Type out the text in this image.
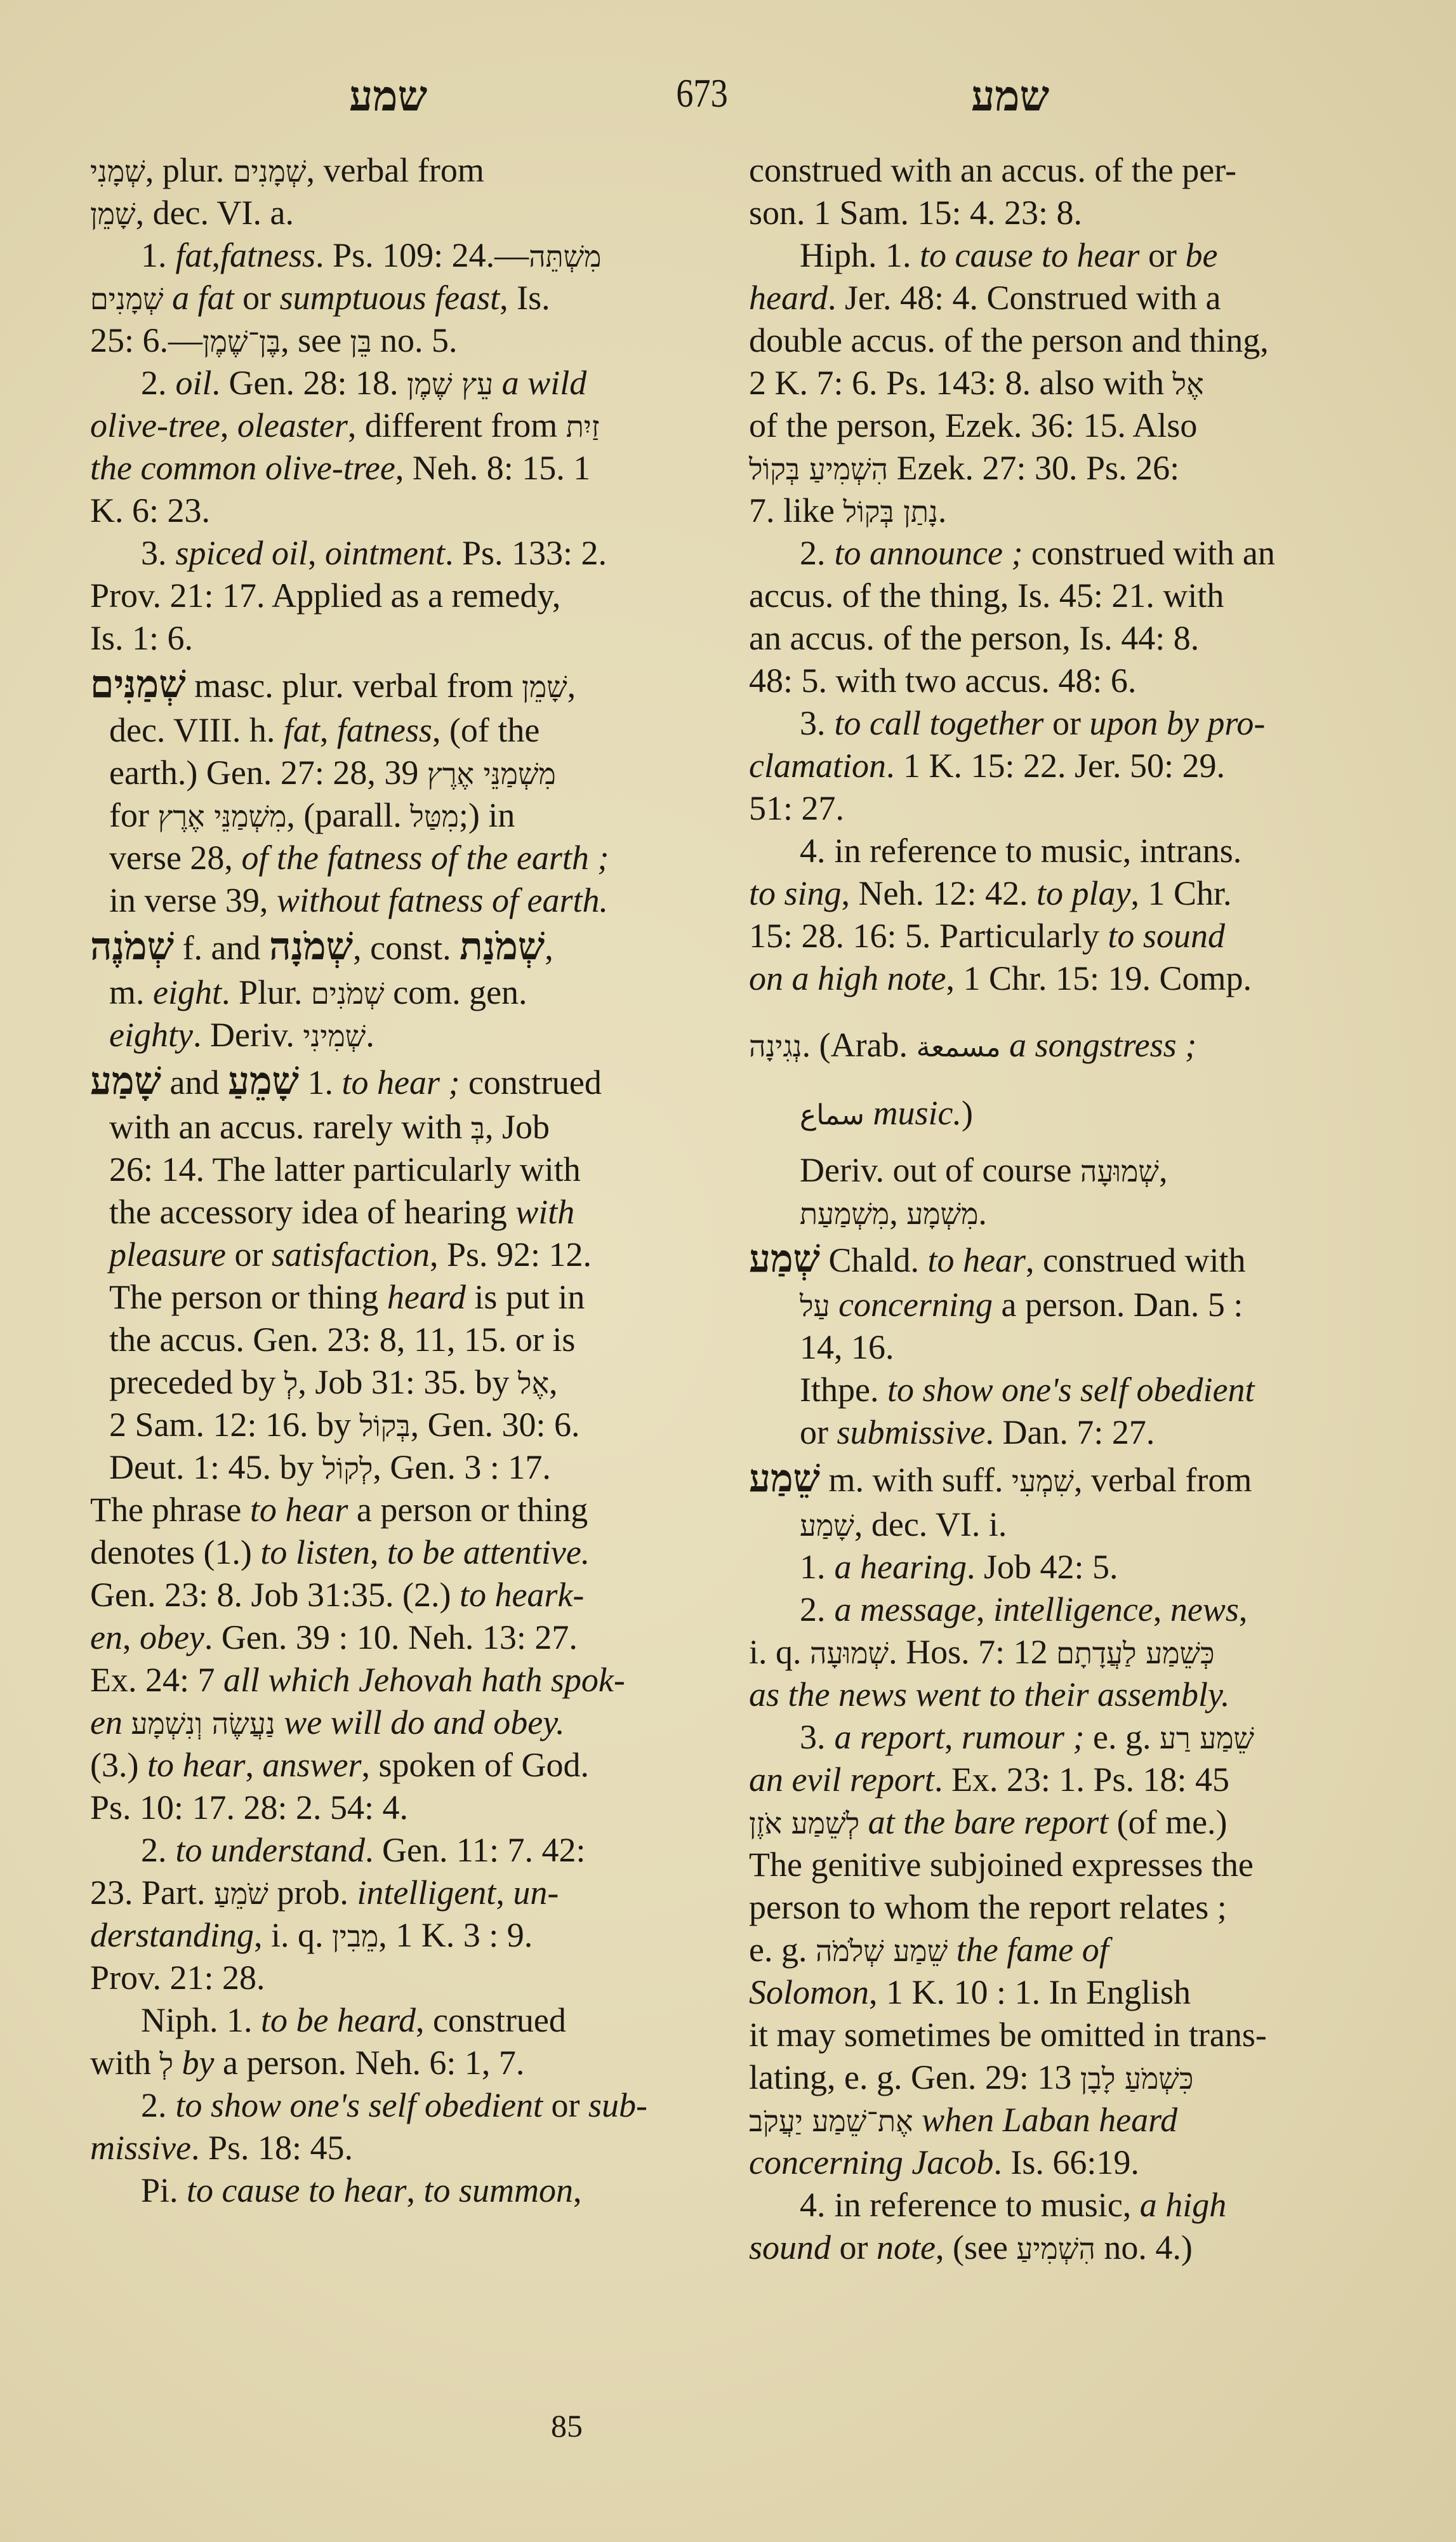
שמע	673	שמע
שְׁמָנִי, plur. שְׁמָנִים, verbal from
שָׁמֵן, dec. VI. a.
1. fat,fatness. Ps. 109: 24.—מִשְׁתֵּה
שְׁמָנִים a fat or sumptuous feast, Is.
25: 6.—בֶּן־שֶׁמֶן, see בֵּן no. 5.
2. oil. Gen. 28: 18. עֵץ שֶׁמֶן a wild
olive-tree, oleaster, different from זַיִת
the common olive-tree, Neh. 8: 15. 1
K. 6: 23.
3. spiced oil, ointment. Ps. 133: 2.
Prov. 21: 17. Applied as a remedy,
Is. 1: 6.
שְׁמַנִּים masc. plur. verbal from שָׁמֵן,
dec. VIII. h. fat, fatness, (of the
earth.) Gen. 27: 28, 39 מִשְׁמַנֵּי אֶרֶץ
for מִשְׁמַנֵּי אֶרֶץ, (parall. מִטַּל;) in
verse 28, of the fatness of the earth ;
in verse 39, without fatness of earth.
שְׁמֹנֶה f. and שְׁמֹנָה, const. שְׁמֹנַת,
m. eight. Plur. שְׁמֹנִים com. gen.
eighty. Deriv. שְׁמִינִי.
שָׁמַע and שָׁמֵעַ 1. to hear ; construed
with an accus. rarely with בְּ, Job
26: 14. The latter particularly with
the accessory idea of hearing with
pleasure or satisfaction, Ps. 92: 12.
The person or thing heard is put in
the accus. Gen. 23: 8, 11, 15. or is
preceded by לְ, Job 31: 35. by אֶל,
2 Sam. 12: 16. by בְּקוֹל, Gen. 30: 6.
Deut. 1: 45. by לְקוֹל, Gen. 3 : 17.
The phrase to hear a person or thing
denotes (1.) to listen, to be attentive.
Gen. 23: 8. Job 31:35. (2.) to heark-
en, obey. Gen. 39 : 10. Neh. 13: 27.
Ex. 24: 7 all which Jehovah hath spok-
en נַעֲשֶׂה וְנִשְׁמָע we will do and obey.
(3.) to hear, answer, spoken of God.
Ps. 10: 17. 28: 2. 54: 4.
2. to understand. Gen. 11: 7. 42:
23. Part. שֹׁמֵעַ prob. intelligent, un-
derstanding, i. q. מֵבִין, 1 K. 3 : 9.
Prov. 21: 28.
Niph. 1. to be heard, construed
with לְ by a person. Neh. 6: 1, 7.
2. to show one's self obedient or sub-
missive. Ps. 18: 45.
Pi. to cause to hear, to summon,
construed with an accus. of the per-
son. 1 Sam. 15: 4. 23: 8.
Hiph. 1. to cause to hear or be
heard. Jer. 48: 4. Construed with a
double accus. of the person and thing,
2 K. 7: 6. Ps. 143: 8. also with אֶל
of the person, Ezek. 36: 15. Also
הִשְׁמִיעַ בְּקוֹל Ezek. 27: 30. Ps. 26:
7. like נָתַן בְּקוֹל.
2. to announce ; construed with an
accus. of the thing, Is. 45: 21. with
an accus. of the person, Is. 44: 8.
48: 5. with two accus. 48: 6.
3. to call together or upon by pro-
clamation. 1 K. 15: 22. Jer. 50: 29.
51: 27.
4. in reference to music, intrans.
to sing, Neh. 12: 42. to play, 1 Chr.
15: 28. 16: 5. Particularly to sound
on a high note, 1 Chr. 15: 19. Comp.
נְגִינָה. (Arab. مسمعة a songstress ;
سماع music.)
Deriv. out of course שְׁמוּעָה,
מִשְׁמַעַת, מִשְׁמָע.
שְׁמַע Chald. to hear, construed with
עַל concerning a person. Dan. 5 :
14, 16.
Ithpe. to show one's self obedient
or submissive. Dan. 7: 27.
שֵׁמַע m. with suff. שִׁמְעִי, verbal from
שָׁמַע, dec. VI. i.
1. a hearing. Job 42: 5.
2. a message, intelligence, news,
i. q. שְׁמוּעָה. Hos. 7: 12 כְּשֵׁמַע לַעֲדָתָם
as the news went to their assembly.
3. a report, rumour ; e. g. שֵׁמַע רַע
an evil report. Ex. 23: 1. Ps. 18: 45
לְשֵׁמַע אֹזֶן at the bare report (of me.)
The genitive subjoined expresses the
person to whom the report relates ;
e. g. שֵׁמַע שְׁלֹמֹה the fame of
Solomon, 1 K. 10 : 1. In English
it may sometimes be omitted in trans-
lating, e. g. Gen. 29: 13 כִּשְׁמֹעַ לָבָן
אֶת־שֵׁמַע יַעֲקֹב when Laban heard
concerning Jacob. Is. 66:19.
4. in reference to music, a high
sound or note, (see הִשְׁמִיעַ no. 4.)
85
